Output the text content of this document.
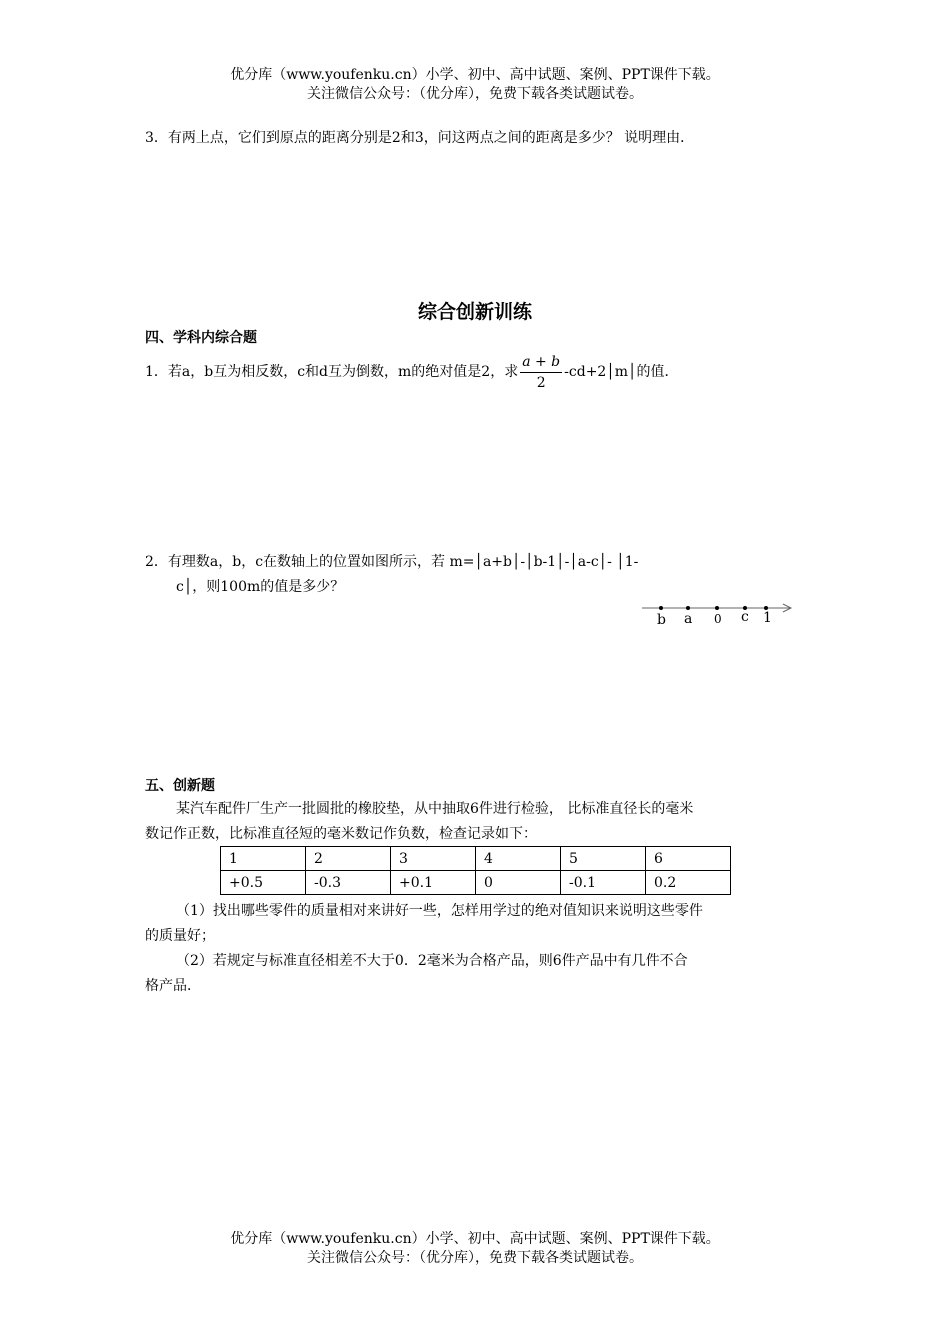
优分库（www.youfenku.cn）小学、初中、高中试题、案例、PPT课件下载。
关注微信公众号：（优分库），免费下载各类试题试卷。
3．有两上点，它们到原点的距离分别是2和3，问这两点之间的距离是多少？ 说明理由．
综合创新训练
四、学科内综合题
1．若a，b互为相反数，c和d互为倒数，m的绝对值是2，求 $\frac{a + b}{2}$ -cd+2│m│的值．
2．有理数a，b，c在数轴上的位置如图所示，若 m=│a+b│-│b-1│-│a-c│- │1-
c│，则100m的值是多少？
b a 0 c 1
五、创新题
某汽车配件厂生产一批圆批的橡胶垫，从中抽取6件进行检验， 比标准直径长的毫米
数记作正数，比标准直径短的毫米数记作负数，检查记录如下：
1	2	3	4	5	6
+0.5	-0.3	+0.1	0	-0.1	0.2
（1）找出哪些零件的质量相对来讲好一些，怎样用学过的绝对值知识来说明这些零件
的质量好；
（2）若规定与标准直径相差不大于0．2毫米为合格产品，则6件产品中有几件不合
格产品．
优分库（www.youfenku.cn）小学、初中、高中试题、案例、PPT课件下载。
关注微信公众号：（优分库），免费下载各类试题试卷。
